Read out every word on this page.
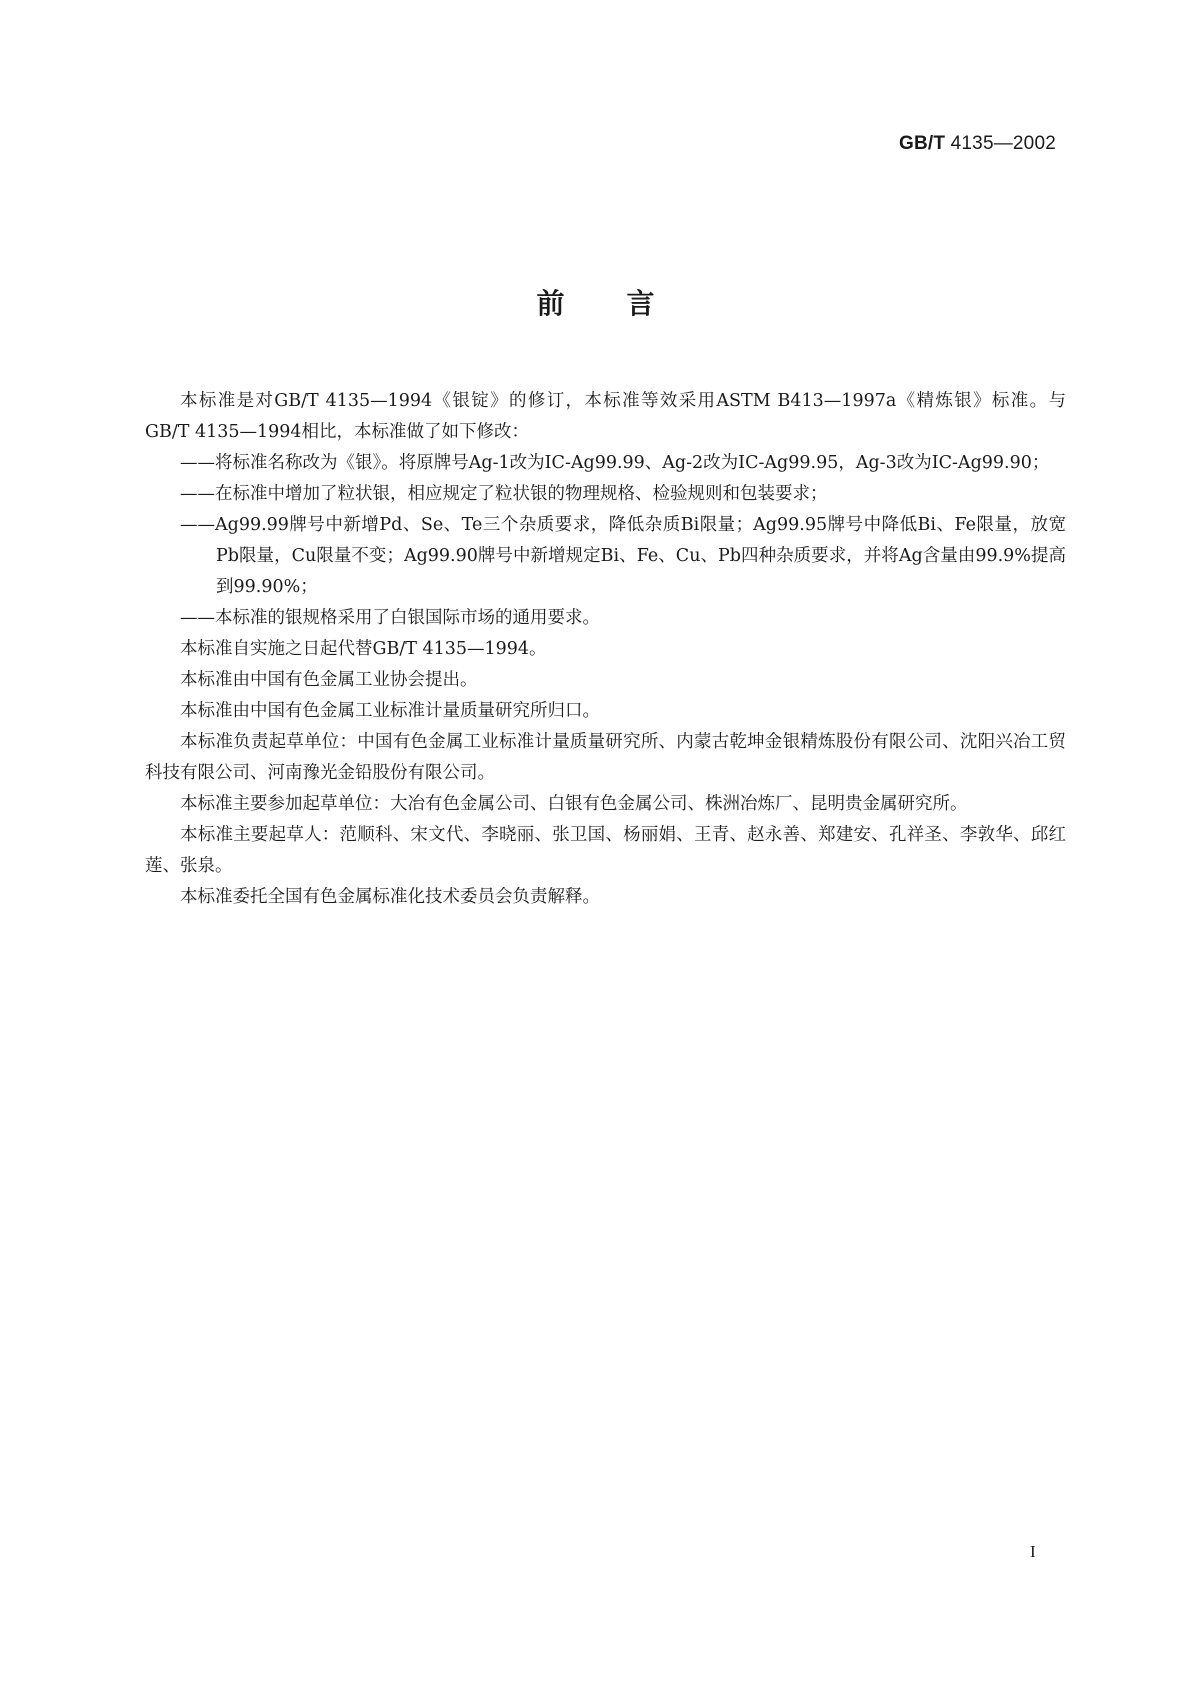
GB/T 4135—2002
前言

本标准是对GB/T 4135—1994《银锭》的修订，本标准等效采用ASTM B413—1997a《精炼银》标准。与GB/T 4135—1994相比，本标准做了如下修改：

——将标准名称改为《银》。将原牌号Ag-1改为IC-Ag99.99、Ag-2改为IC-Ag99.95，Ag-3改为IC-Ag99.90；

——在标准中增加了粒状银，相应规定了粒状银的物理规格、检验规则和包装要求；

——Ag99.99牌号中新增Pd、Se、Te三个杂质要求，降低杂质Bi限量；Ag99.95牌号中降低Bi、Fe限量，放宽Pb限量，Cu限量不变；Ag99.90牌号中新增规定Bi、Fe、Cu、Pb四种杂质要求，并将Ag含量由99.9%提高到99.90%；

——本标准的银规格采用了白银国际市场的通用要求。

本标准自实施之日起代替GB/T 4135—1994。

本标准由中国有色金属工业协会提出。

本标准由中国有色金属工业标准计量质量研究所归口。

本标准负责起草单位：中国有色金属工业标准计量质量研究所、内蒙古乾坤金银精炼股份有限公司、沈阳兴冶工贸科技有限公司、河南豫光金铅股份有限公司。

本标准主要参加起草单位：大冶有色金属公司、白银有色金属公司、株洲冶炼厂、昆明贵金属研究所。

本标准主要起草人：范顺科、宋文代、李晓丽、张卫国、杨丽娟、王青、赵永善、郑建安、孔祥圣、李敦华、邱红莲、张泉。

本标准委托全国有色金属标准化技术委员会负责解释。

I
